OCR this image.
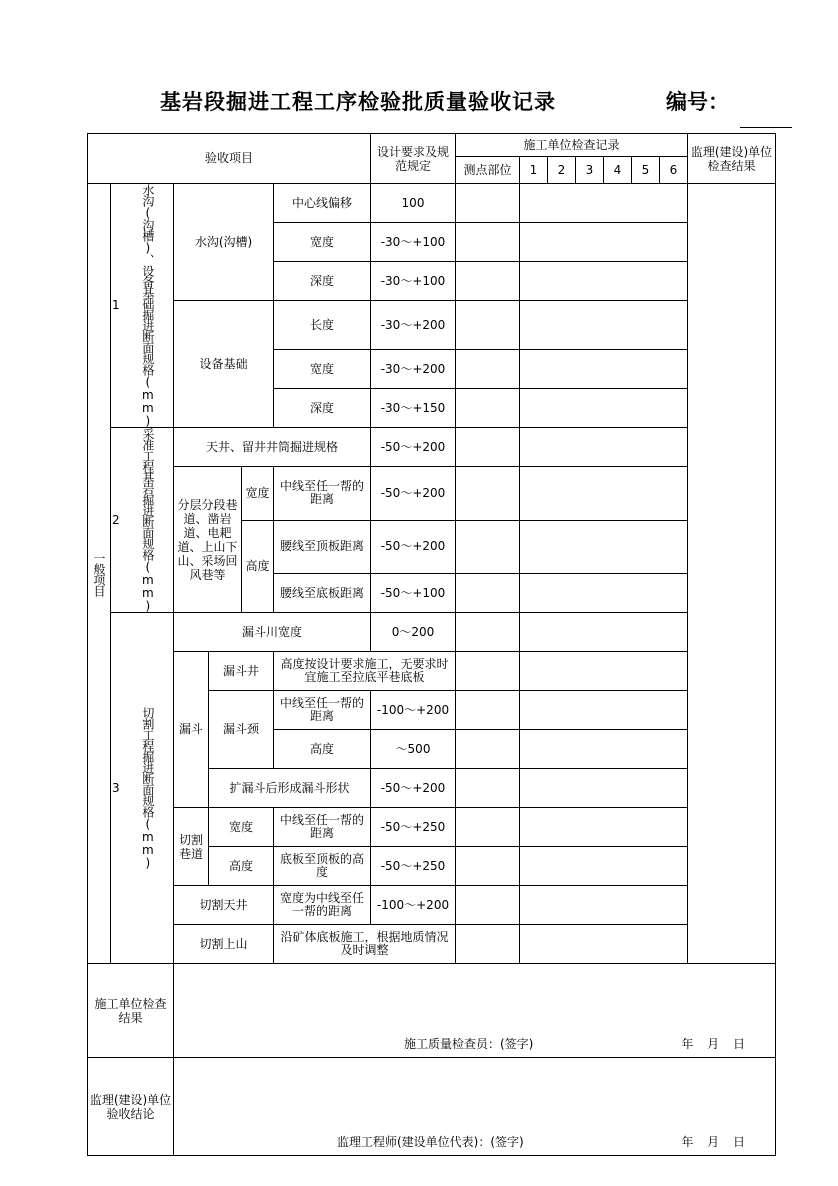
基岩段掘进工程工序检验批质量验收记录	编号：
验收项目						设计要求及规范规定	施工单位检查记录							监理(建设)单位检查结果
							测点部位	1	2	3	4	5	6	

一般项目	1 水沟(沟槽)、设备基础掘进断面规格(mm)	水沟(沟槽)			中心线偏移	100								
					宽度	-30～+100								
					深度	-30～+100								
		设备基础			长度	-30～+200								
					宽度	-30～+200								
					深度	-30～+150								

	2 采准工程基岩掘进断面规格(mm)	天井、留井井筒掘进规格				-50～+200								
		分层分段巷道、凿岩道、电耙道、上山下山、采场回风巷等		宽度	中线至任一帮的距离	-50～+200								
				高度	腰线至顶板距离	-50～+200								
					腰线至底板距离	-50～+100								

	3 切割工程掘进断面规格(mm)	漏斗川宽度				0～200								
		漏斗	漏斗井		高度按设计要求施工，无要求时宜施工至拉底平巷底板									
			漏斗颈		中线至任一帮的距离	-100～+200								
					高度	～500								
			扩漏斗后形成漏斗形状			-50～+200								
		切割巷道	宽度		中线至任一帮的距离	-50～+250								
			高度		底板至顶板的高度	-50～+250								
		切割天井			宽度为中线至任一帮的距离	-100～+200								
		切割上山			沿矿体底板施工，根据地质情况及时调整									
施工单位检查结果		施工质量检查员：(签字) 年 月 日												

监理(建设)单位验收结论		监理工程师(建设单位代表)：(签字) 年 月 日												
